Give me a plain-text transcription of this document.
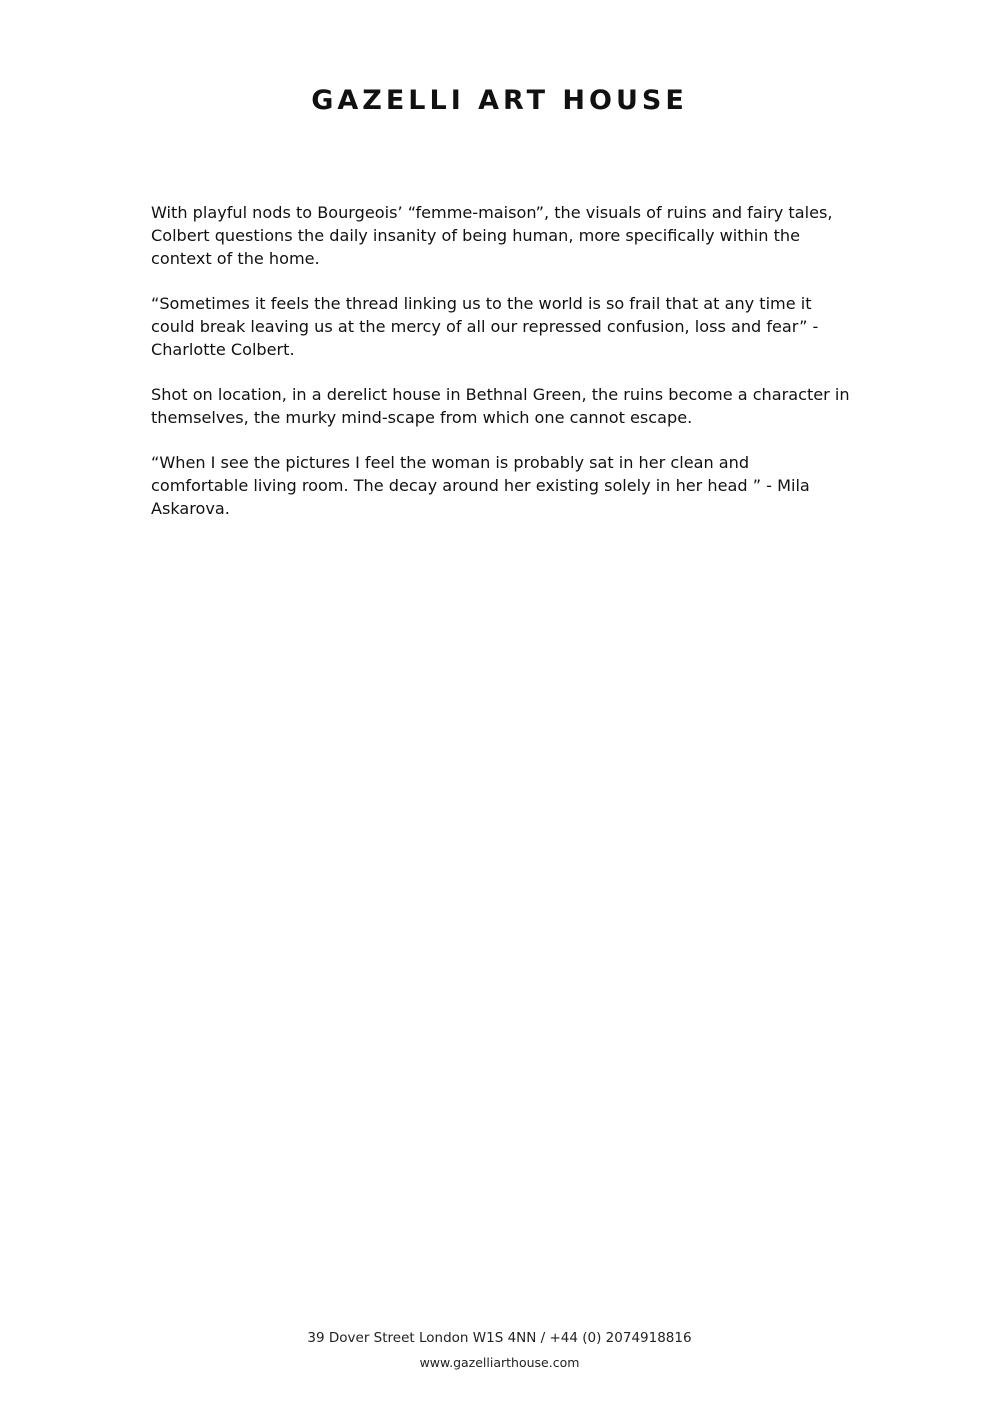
GAZELLI ART HOUSE

With playful nods to Bourgeois’ “femme-maison”, the visuals of ruins and fairy tales, Colbert questions the daily insanity of being human, more specifically within the context of the home.

“Sometimes it feels the thread linking us to the world is so frail that at any time it could break leaving us at the mercy of all our repressed confusion, loss and fear” - Charlotte Colbert.

Shot on location, in a derelict house in Bethnal Green, the ruins become a character in themselves, the murky mind-scape from which one cannot escape.

“When I see the pictures I feel the woman is probably sat in her clean and comfortable living room. The decay around her existing solely in her head ” - Mila Askarova.

39 Dover Street London W1S 4NN / +44 (0) 2074918816
www.gazelliarthouse.com
